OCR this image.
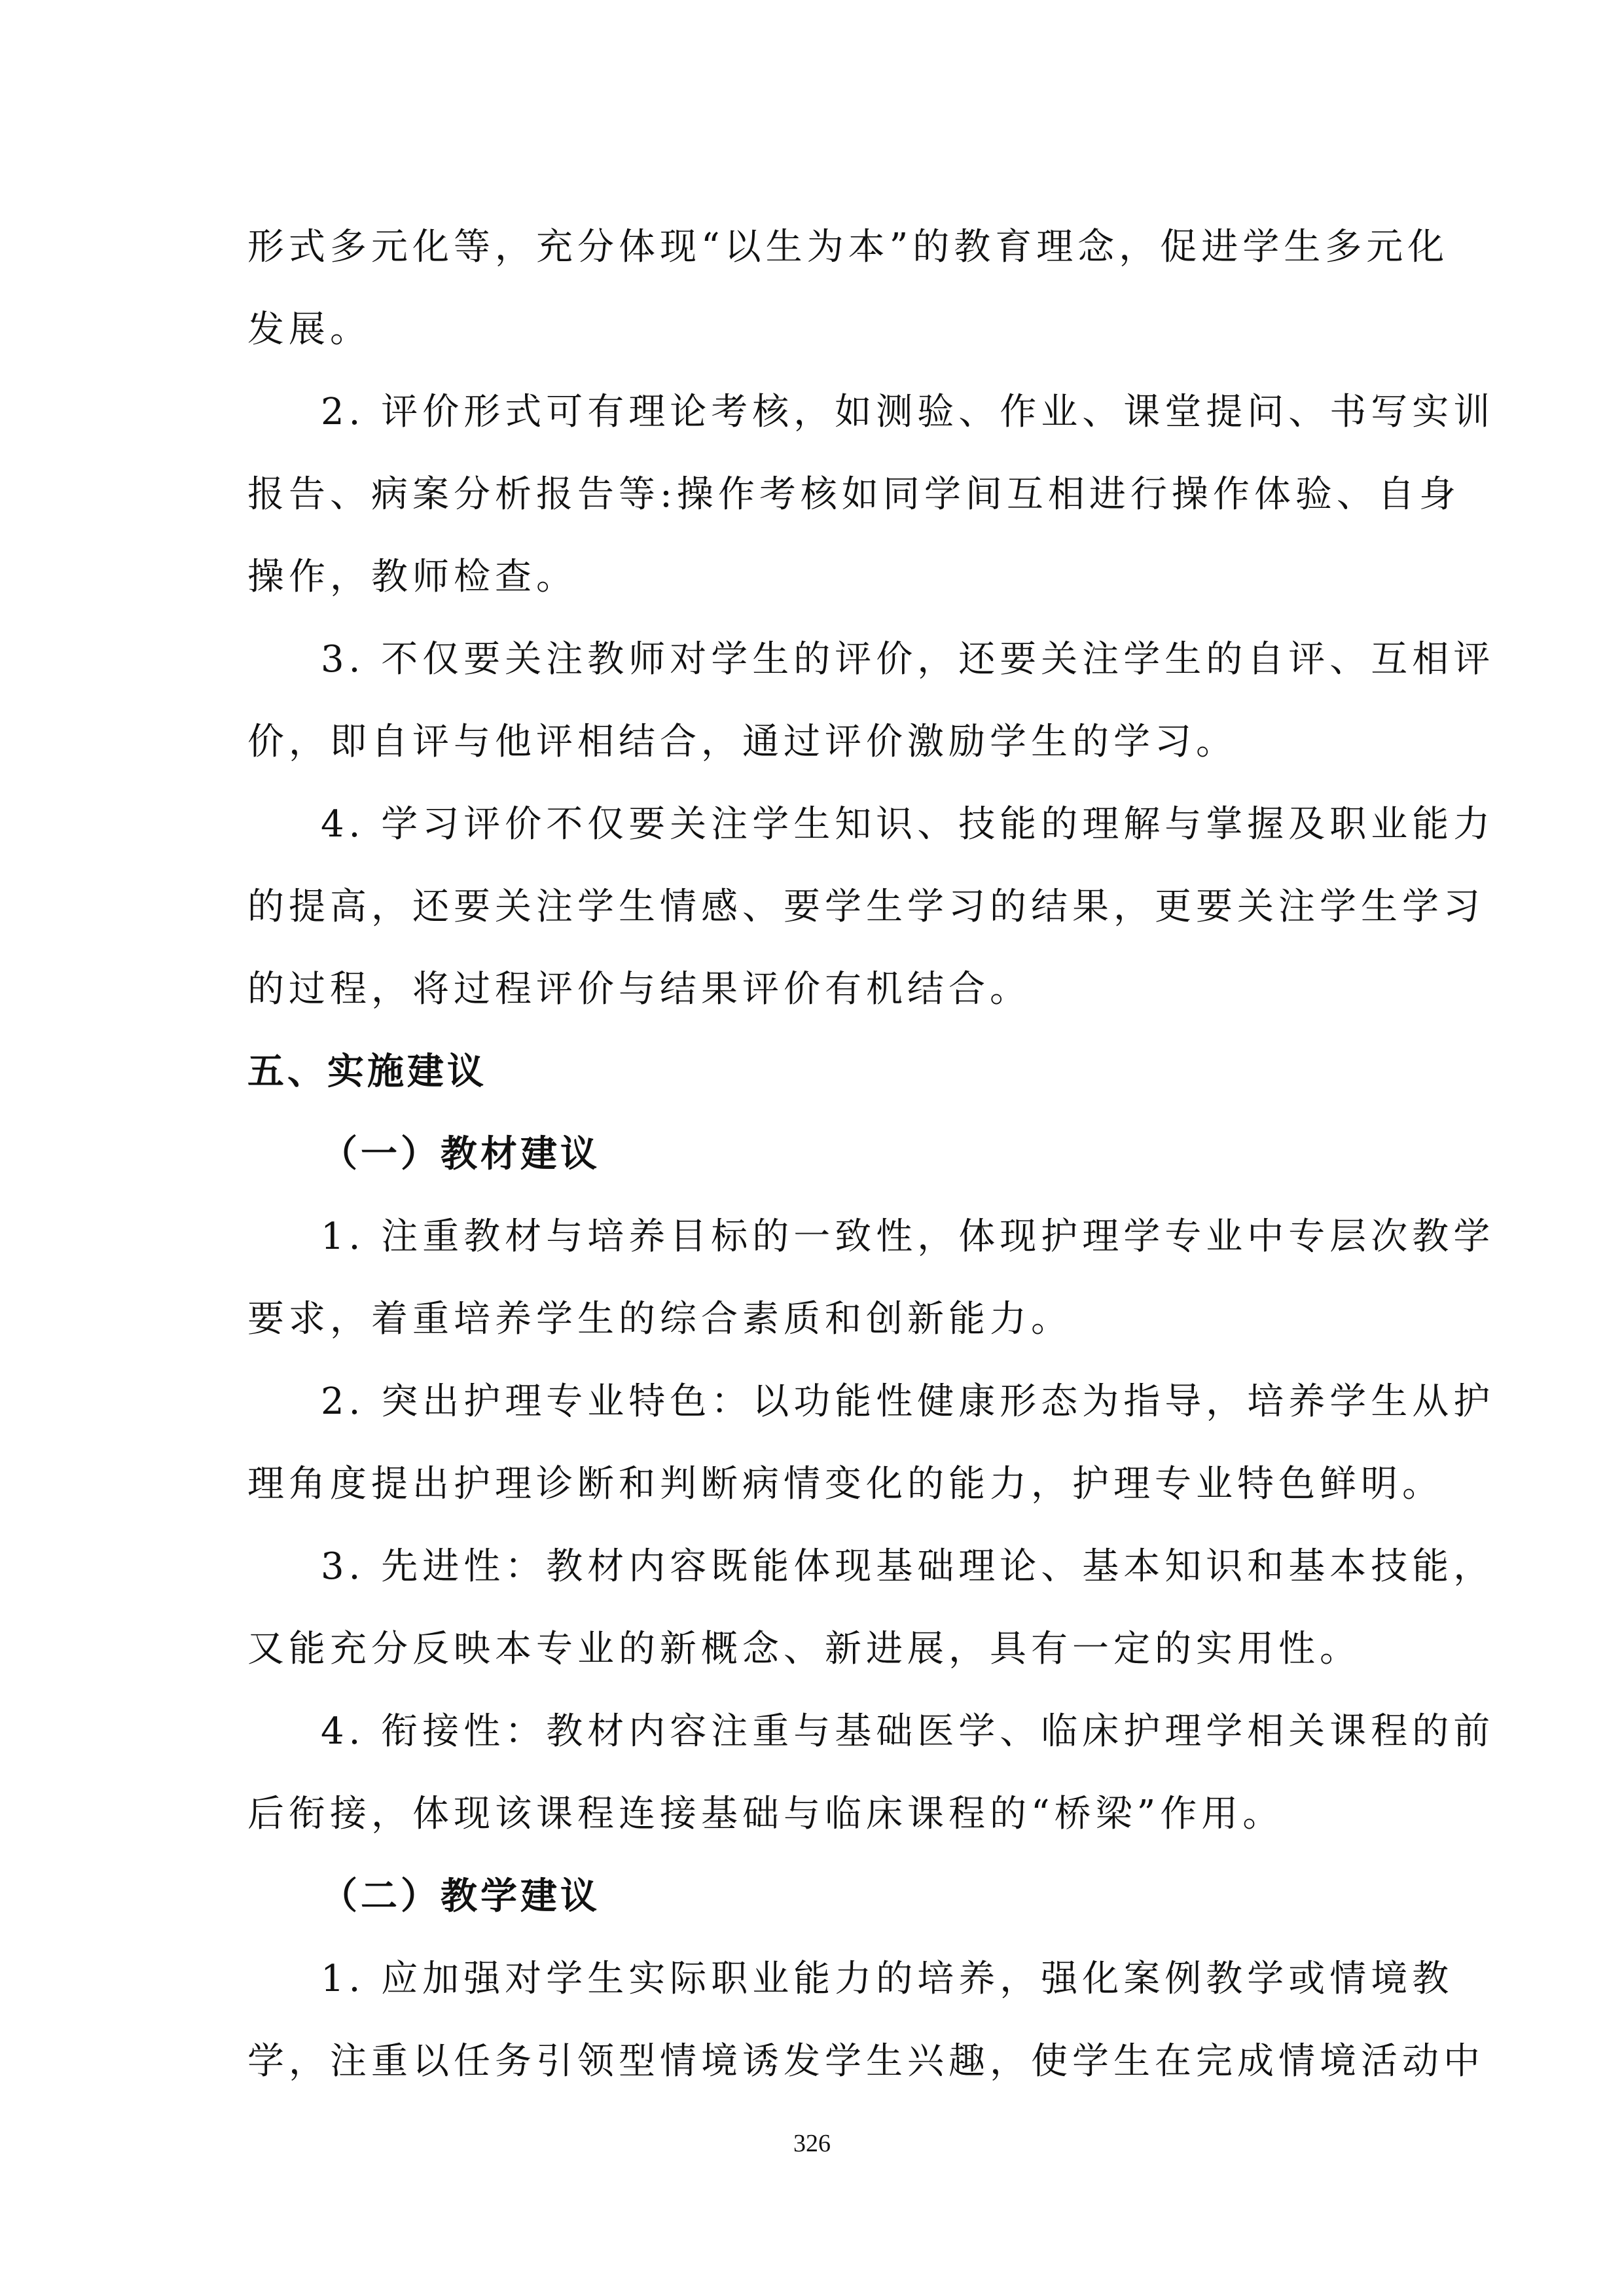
形式多元化等，充分体现“以生为本”的教育理念，促进学生多元化
发展。
2. 评价形式可有理论考核，如测验、作业、课堂提问、书写实训
报告、病案分析报告等:操作考核如同学间互相进行操作体验、自身
操作，教师检查。
3. 不仅要关注教师对学生的评价，还要关注学生的自评、互相评
价，即自评与他评相结合，通过评价激励学生的学习。
4. 学习评价不仅要关注学生知识、技能的理解与掌握及职业能力
的提高，还要关注学生情感、要学生学习的结果，更要关注学生学习
的过程，将过程评价与结果评价有机结合。
五、实施建议
（一）教材建议
1. 注重教材与培养目标的一致性，体现护理学专业中专层次教学
要求，着重培养学生的综合素质和创新能力。
2. 突出护理专业特色：以功能性健康形态为指导，培养学生从护
理角度提出护理诊断和判断病情变化的能力，护理专业特色鲜明。
3. 先进性：教材内容既能体现基础理论、基本知识和基本技能，
又能充分反映本专业的新概念、新进展，具有一定的实用性。
4. 衔接性：教材内容注重与基础医学、临床护理学相关课程的前
后衔接，体现该课程连接基础与临床课程的“桥梁”作用。
（二）教学建议
1. 应加强对学生实际职业能力的培养，强化案例教学或情境教
学，注重以任务引领型情境诱发学生兴趣，使学生在完成情境活动中
326
